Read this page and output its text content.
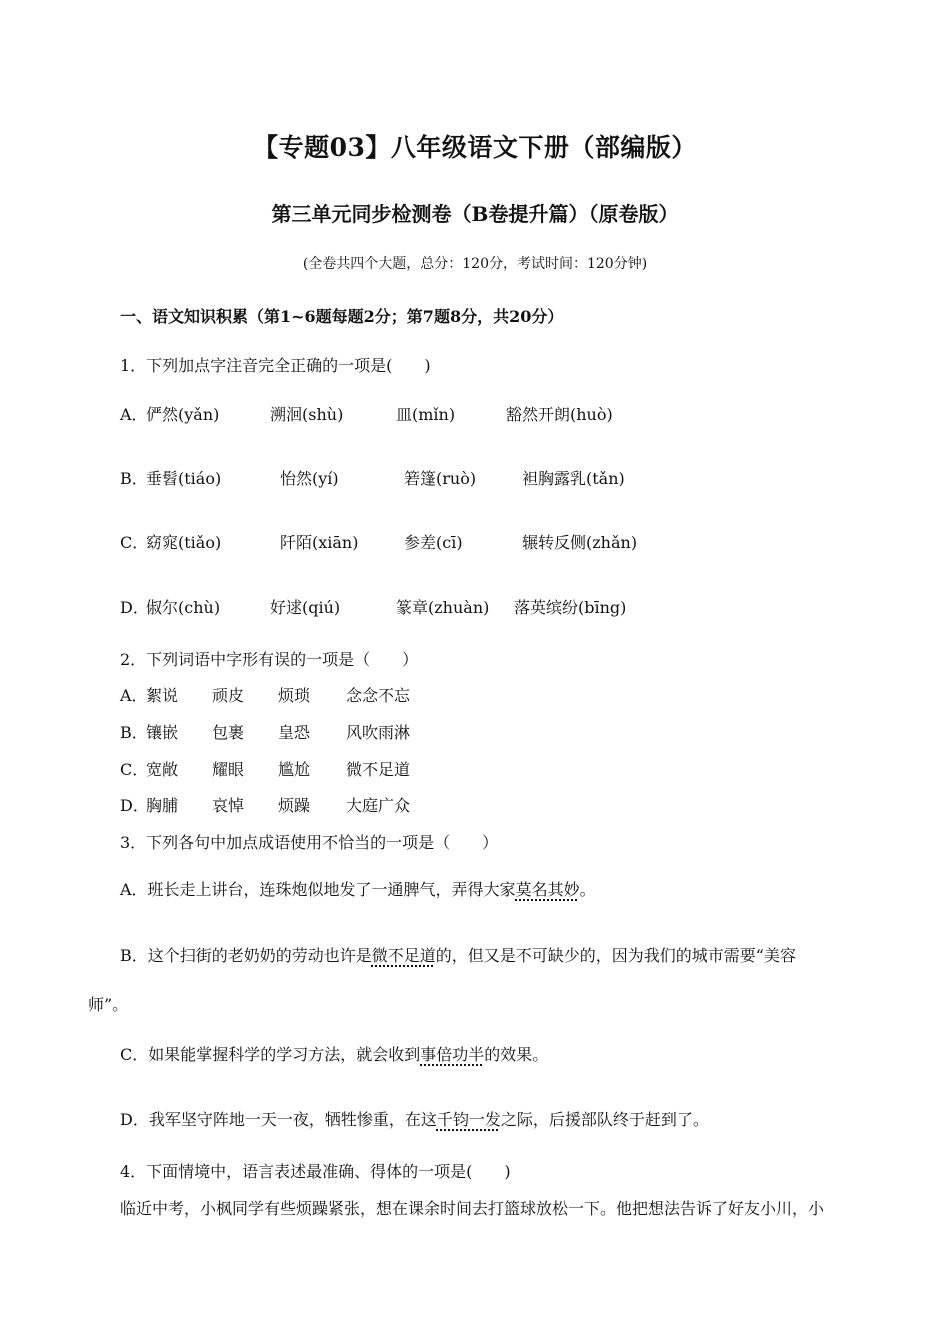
【专题03】八年级语文下册（部编版）
第三单元同步检测卷（B卷提升篇）（原卷版）
(全卷共四个大题，总分：120分，考试时间：120分钟)
一、语文知识积累（第1~6题每题2分；第7题8分，共20分）
1．下列加点字注音完全正确的一项是(　　)
A．
俨然(yǎn)	溯洄(shù)	皿(mǐn)	豁然开朗(huò)
B．
垂髫(tiáo)	怡然(yí)	箬篷(ruò)	袒胸露乳(tǎn)
C．
窈窕(tiǎo)	阡陌(xiān)	参差(cī)	辗转反侧(zhǎn)
D．
俶尔(chù)	好逑(qiú)	篆章(zhuàn) 落英缤纷(bīng)
2．下列词语中字形有误的一项是（　　）
A．
絮说 顽皮 烦琐 念念不忘
B．
镶嵌 包裹 皇恐 风吹雨淋
C．
宽敞 耀眼 尴尬 微不足道
D．
胸脯 哀悼 烦躁 大庭广众
3．下列各句中加点成语使用不恰当的一项是（　　）
A．班长走上讲台，连珠炮似地发了一通脾气，弄得大家莫名其妙。
B．这个扫街的老奶奶的劳动也许是微不足道的，但又是不可缺少的，因为我们的城市需要“美容
师”。
C．如果能掌握科学的学习方法，就会收到事倍功半的效果。
D．我军坚守阵地一天一夜，牺牲惨重，在这千钧一发之际，后援部队终于赶到了。
4．下面情境中，语言表述最准确、得体的一项是(　　)
临近中考，小枫同学有些烦躁紧张，想在课余时间去打篮球放松一下。他把想法告诉了好友小川，小
